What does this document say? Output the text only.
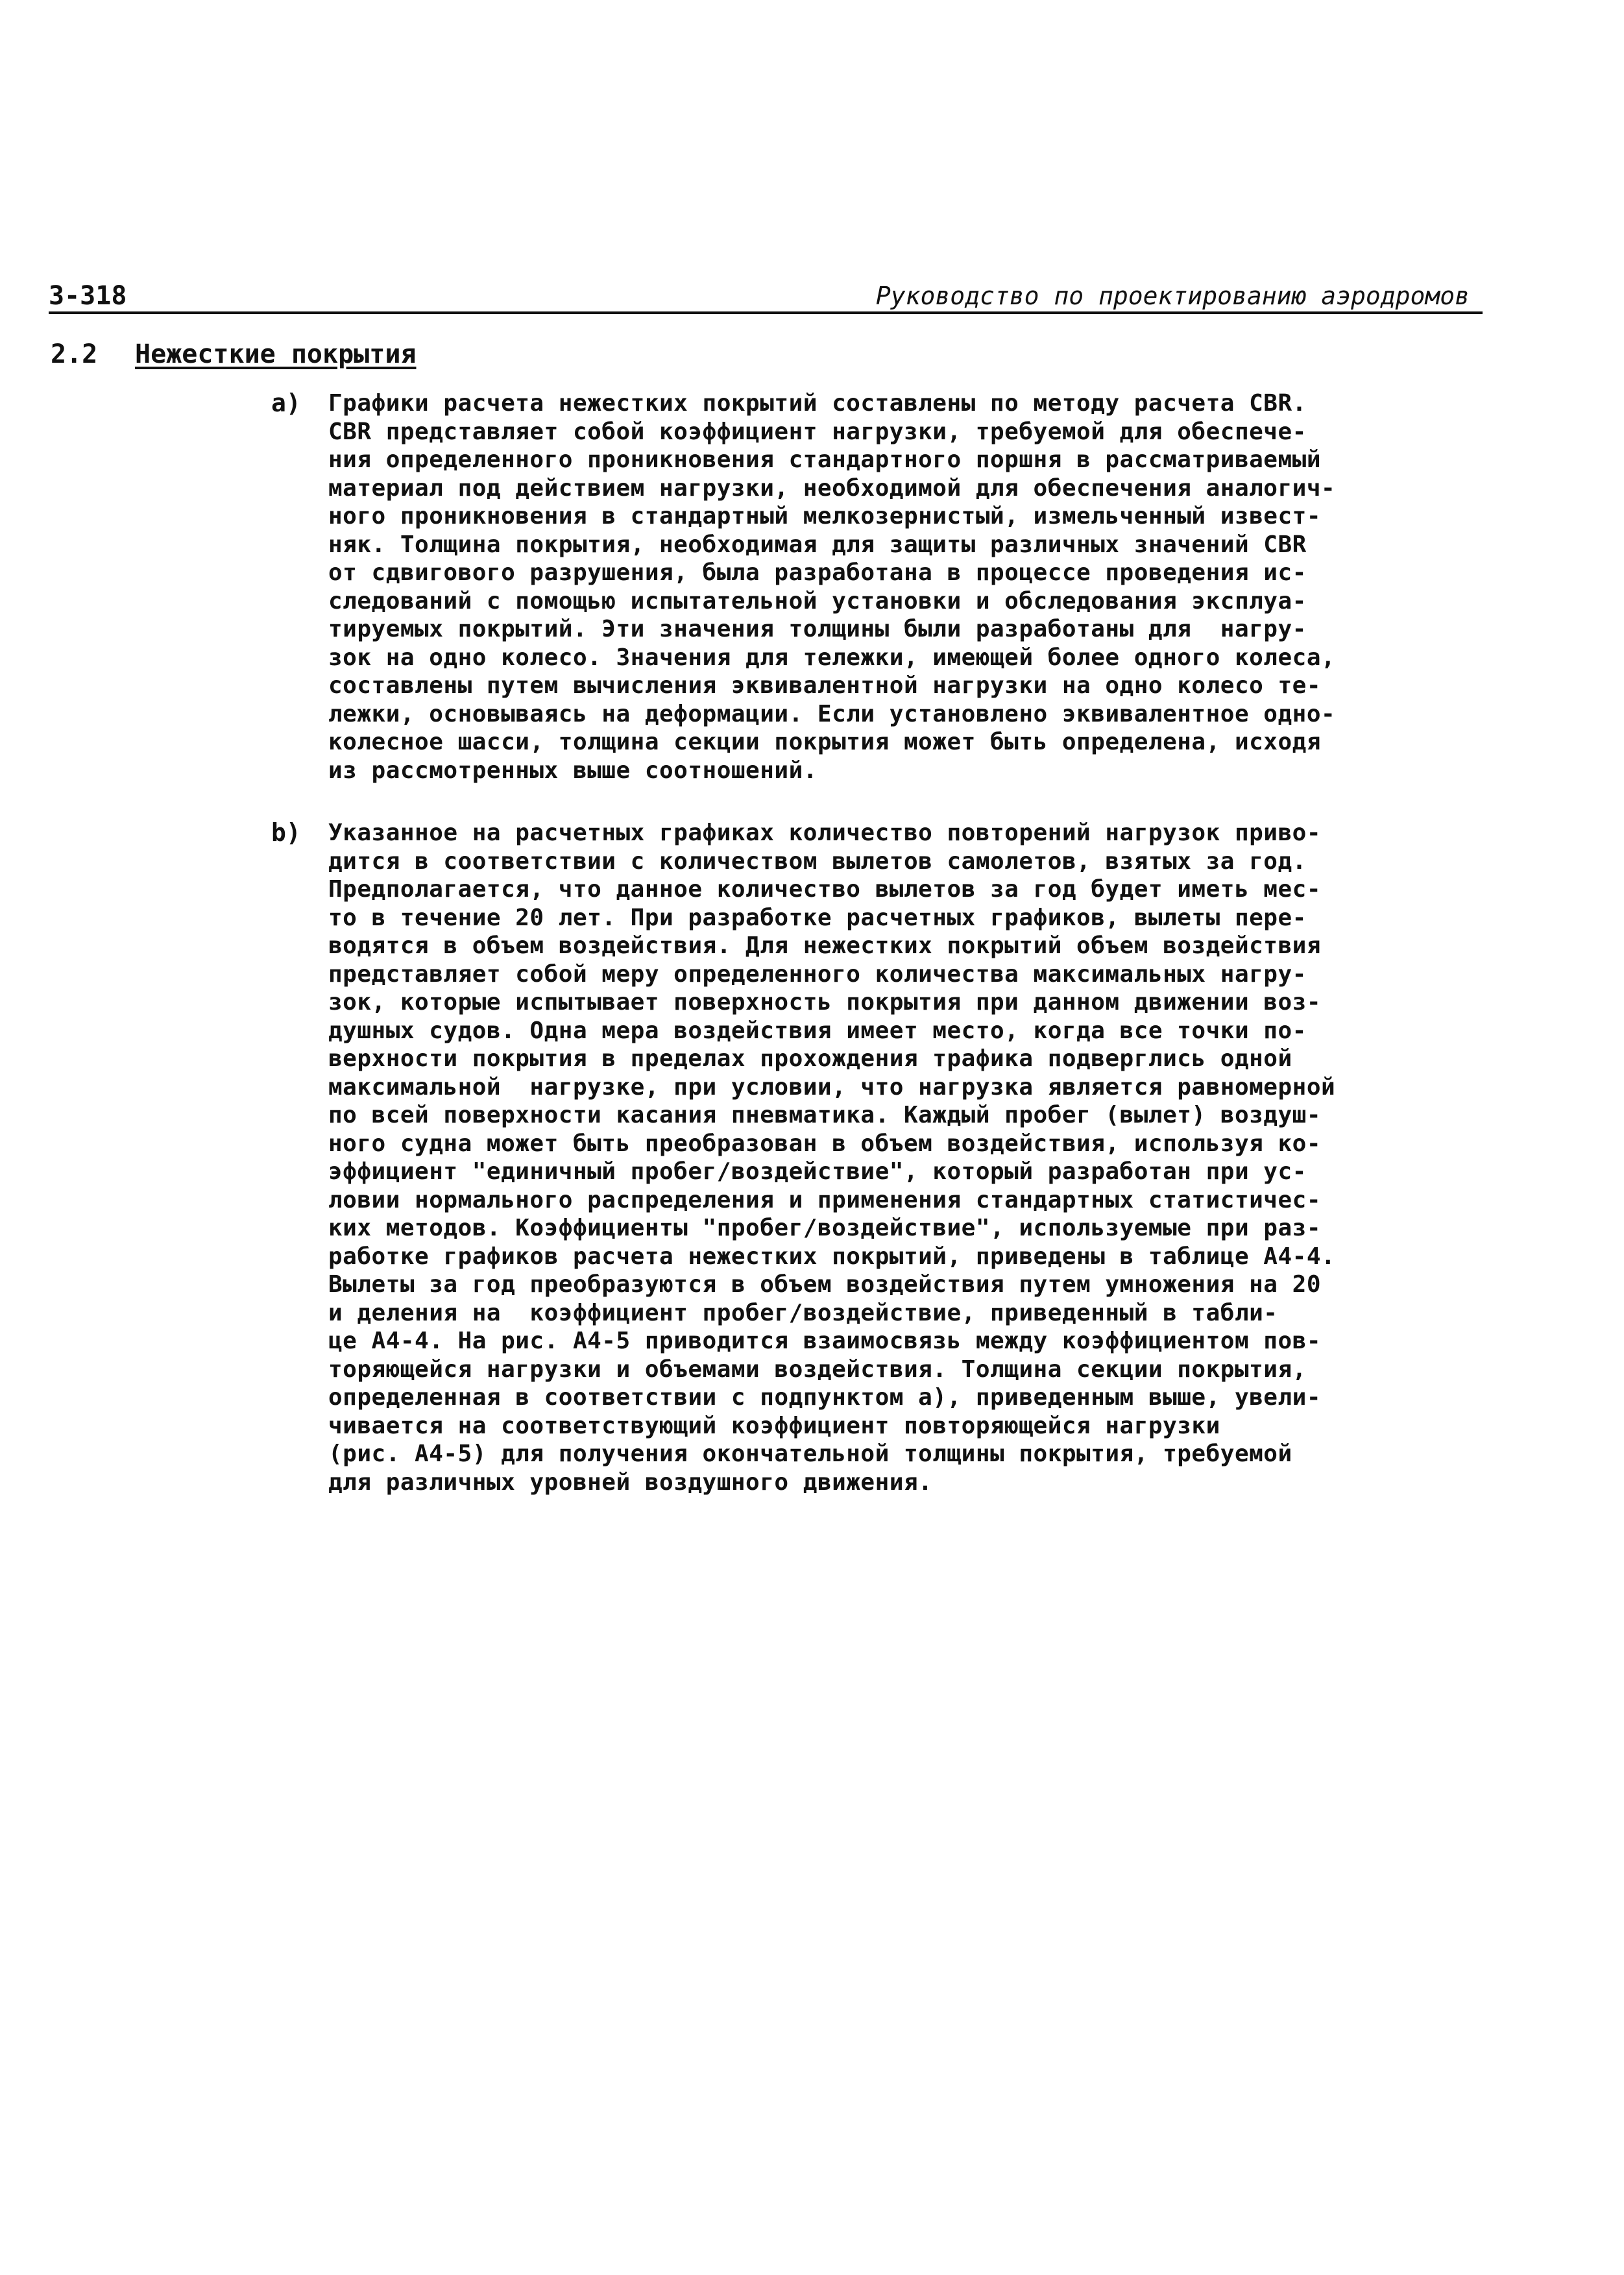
3-318	Руководство по проектированию аэродромов
2.2 Нежесткие покрытия
a)	Графики расчета нежестких покрытий составлены по методу расчета CBR.
CBR представляет собой коэффициент нагрузки, требуемой для обеспече-
ния определенного проникновения стандартного поршня в рассматриваемый
материал под действием нагрузки, необходимой для обеспечения аналогич-
ного проникновения в стандартный мелкозернистый, измельченный извест-
няк. Толщина покрытия, необходимая для защиты различных значений CBR
от сдвигового разрушения, была разработана в процессе проведения ис-
следований с помощью испытательной установки и обследования эксплуа-
тируемых покрытий. Эти значения толщины были разработаны для  нагру-
зок на одно колесо. Значения для тележки, имеющей более одного колеса,
составлены путем вычисления эквивалентной нагрузки на одно колесо те-
лежки, основываясь на деформации. Если установлено эквивалентное одно-
колесное шасси, толщина секции покрытия может быть определена, исходя
из рассмотренных выше соотношений.
b)	Указанное на расчетных графиках количество повторений нагрузок приво-
дится в соответствии с количеством вылетов самолетов, взятых за год.
Предполагается, что данное количество вылетов за год будет иметь мес-
то в течение 20 лет. При разработке расчетных графиков, вылеты пере-
водятся в объем воздействия. Для нежестких покрытий объем воздействия
представляет собой меру определенного количества максимальных нагру-
зок, которые испытывает поверхность покрытия при данном движении воз-
душных судов. Одна мера воздействия имеет место, когда все точки по-
верхности покрытия в пределах прохождения трафика подверглись одной
максимальной  нагрузке, при условии, что нагрузка является равномерной
по всей поверхности касания пневматика. Каждый пробег (вылет) воздуш-
ного судна может быть преобразован в объем воздействия, используя ко-
эффициент "единичный пробег/воздействие", который разработан при ус-
ловии нормального распределения и применения стандартных статистичес-
ких методов. Коэффициенты "пробег/воздействие", используемые при раз-
работке графиков расчета нежестких покрытий, приведены в таблице A4-4.
Вылеты за год преобразуются в объем воздействия путем умножения на 20
и деления на  коэффициент пробег/воздействие, приведенный в табли-
це A4-4. На рис. A4-5 приводится взаимосвязь между коэффициентом пов-
торяющейся нагрузки и объемами воздействия. Толщина секции покрытия,
определенная в соответствии с подпунктом а), приведенным выше, увели-
чивается на соответствующий коэффициент повторяющейся нагрузки
(рис. A4-5) для получения окончательной толщины покрытия, требуемой
для различных уровней воздушного движения.
